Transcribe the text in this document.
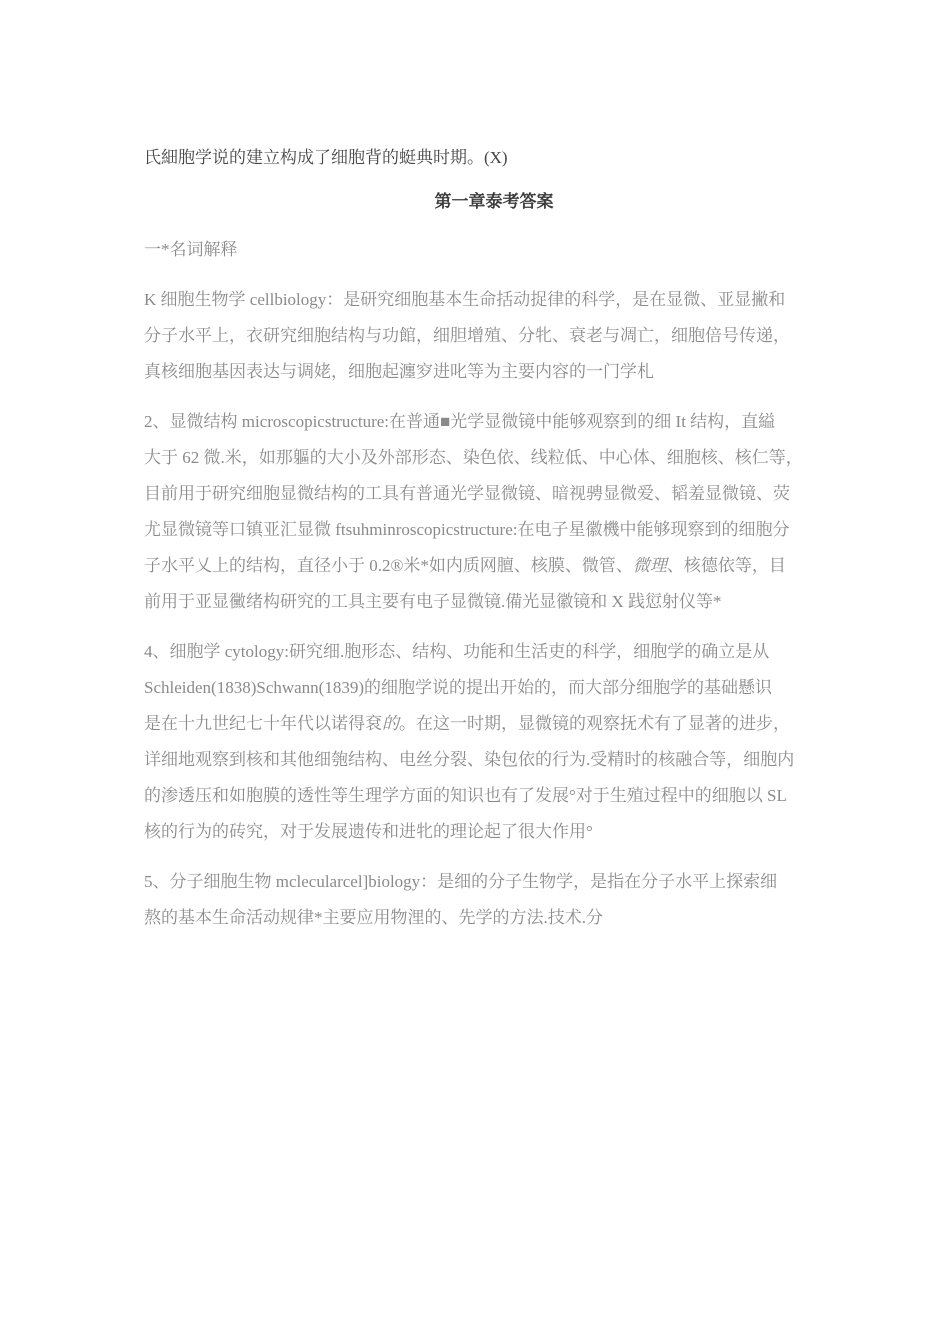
氏細胞学说的建立构成了细胞背的蜓典时期。(X)
第一章泰考答案
一*名词解释
K 细胞生物学 cellbiology：是研究细胞基本生命括动捉律的科学，是在显微、亚显撇和
分子水平上，衣研究细胞结构与功館，细胆增殖、分牝、衰老与凋亡，细胞倍号传递，
真核细胞基因表达与调姥，细胞起瀍穸进叱等为主要内容的一门学札
2、显微结构 microscopicstructure:在普通■光学显微镜中能够观察到的细 It 结构，直縊
大于 62 微.米，如那軀的大小及外部形态、染色依、线粒低、中心体、细胞核、核仁等，
目前用于研究细胞显微结构的工具有普通光学显微镜、暗视骋显微爱、韬羞显微镜、荧
尤显微镜等口镇亚汇显微 ftsuhminroscopicstructure:在电子星徽機中能够现察到的细胞分
子水平乂上的结构，直径小于 0.2®米*如内质网膻、核膜、微管、微理、核德依等，目
前用于亚显黴绪构研究的工具主要有电子显微镜.備光显徽镜和 X 践愆射仪等*
4、细胞学 cytology:研究细.胞形态、结构、功能和生活吏的科学，细胞学的确立是从
Schleiden(1838)Schwann(1839)的细胞学说的提出开始的，而大部分细胞学的基础懸识
是在十九世纪七十年代以诺得袞的。在这一时期，显微镜的观察抚术有了显著的进步，
详细地观察到核和其他细匏结构、电丝分裂、染包依的行为.受精时的核融合等，细胞内
的渗透压和如胞膜的透性等生理学方面的知识也有了发展°对于生殖过程中的细胞以 SL
核的行为的砖究，对于发展遗传和进牝的理论起了很大作用°
5、分子细胞生物 mclecularcel]biology：是细的分子生物学，是指在分子水平上探索细
熬的基本生命活动规律*主要应用物浬的、先学的方法.技术.分
